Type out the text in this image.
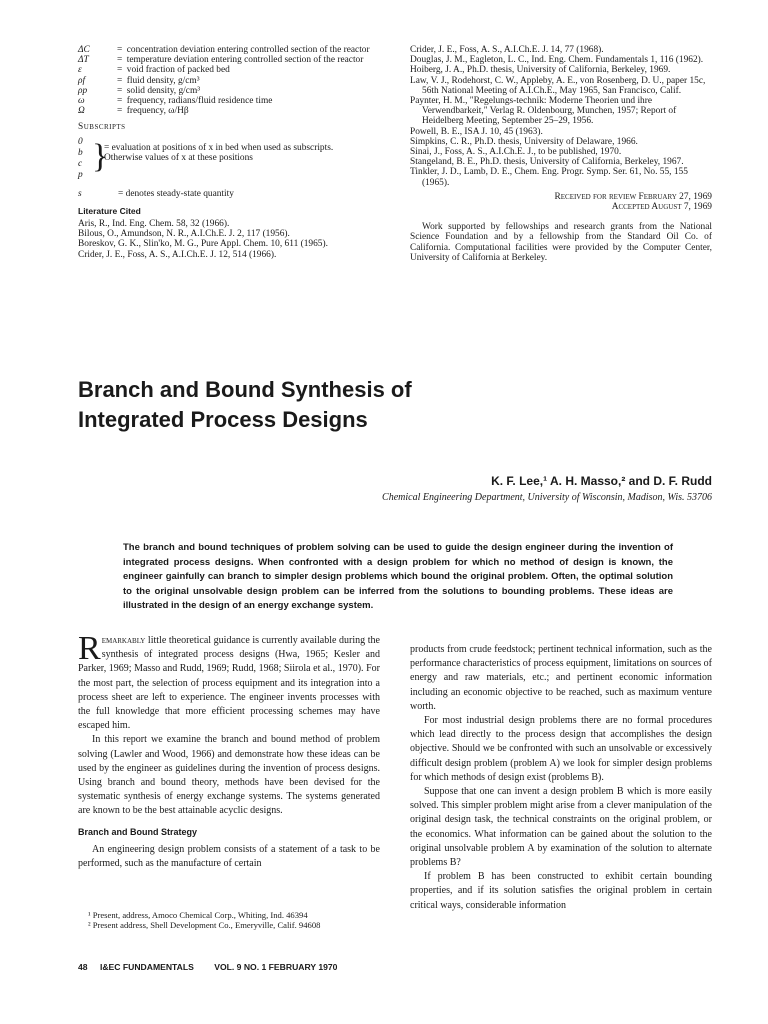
ΔC	= concentration deviation entering controlled section of the reactor
ΔT	= temperature deviation entering controlled section of the reactor
ε	= void fraction of packed bed
ρf	= fluid density, g/cm³
ρp	= solid density, g/cm³
ω	= frequency, radians/fluid residence time
Ω	= frequency, ω/Hβ
Subscripts
0
b
c
p }
= evaluation at positions of x in bed when used as subscripts. Otherwise values of x at these positions
s	= denotes steady-state quantity
Literature Cited

Aris, R., Ind. Eng. Chem. 58, 32 (1966).

Bilous, O., Amundson, N. R., A.I.Ch.E. J. 2, 117 (1956).

Boreskov, G. K., Slin'ko, M. G., Pure Appl. Chem. 10, 611 (1965).

Crider, J. E., Foss, A. S., A.I.Ch.E. J. 12, 514 (1966).

Crider, J. E., Foss, A. S., A.I.Ch.E. J. 14, 77 (1968).

Douglas, J. M., Eagleton, L. C., Ind. Eng. Chem. Fundamentals 1, 116 (1962).

Hoiberg, J. A., Ph.D. thesis, University of California, Berkeley, 1969.

Law, V. J., Rodehorst, C. W., Appleby, A. E., von Rosenberg, D. U., paper 15c, 56th National Meeting of A.I.Ch.E., May 1965, San Francisco, Calif.

Paynter, H. M., "Regelungs-technik: Moderne Theorien und ihre Verwendbarkeit," Verlag R. Oldenbourg, Munchen, 1957; Report of Heidelberg Meeting, September 25–29, 1956.

Powell, B. E., ISA J. 10, 45 (1963).

Simpkins, C. R., Ph.D. thesis, University of Delaware, 1966.

Sinai, J., Foss, A. S., A.I.Ch.E. J., to be published, 1970.

Stangeland, B. E., Ph.D. thesis, University of California, Berkeley, 1967.

Tinkler, J. D., Lamb, D. E., Chem. Eng. Progr. Symp. Ser. 61, No. 55, 155 (1965).

Received for review February 27, 1969
Accepted August 7, 1969
Work supported by fellowships and research grants from the National Science Foundation and by a fellowship from the Standard Oil Co. of California. Computational facilities were provided by the Computer Center, University of California at Berkeley.
Branch and Bound Synthesis of
Integrated Process Designs
K. F. Lee,¹ A. H. Masso,² and D. F. Rudd
Chemical Engineering Department, University of Wisconsin, Madison, Wis. 53706
The branch and bound techniques of problem solving can be used to guide the design engineer during the invention of integrated process designs. When confronted with a design problem for which no method of design is known, the engineer gainfully can branch to simpler design problems which bound the original problem. Often, the optimal solution to the original unsolvable design problem can be inferred from the solutions to bounding problems. These ideas are illustrated in the design of an energy exchange system.

Remarkably little theoretical guidance is currently available during the synthesis of integrated process designs (Hwa, 1965; Kesler and Parker, 1969; Masso and Rudd, 1969; Rudd, 1968; Siirola et al., 1970). For the most part, the selection of process equipment and its integration into a process sheet are left to experience. The engineer invents processes with the full knowledge that more efficient processing schemes may have escaped him.

In this report we examine the branch and bound method of problem solving (Lawler and Wood, 1966) and demonstrate how these ideas can be used by the engineer as guidelines during the invention of process designs. Using branch and bound theory, methods have been devised for the systematic synthesis of energy exchange systems. The systems generated are known to be the best attainable acyclic designs.

Branch and Bound Strategy

An engineering design problem consists of a statement of a task to be performed, such as the manufacture of certain

¹ Present, address, Amoco Chemical Corp., Whiting, Ind. 46394
² Present address, Shell Development Co., Emeryville, Calif. 94608

products from crude feedstock; pertinent technical information, such as the performance characteristics of process equipment, limitations on sources of energy and raw materials, etc.; and pertinent economic information including an economic objective to be reached, such as maximum venture worth.

For most industrial design problems there are no formal procedures which lead directly to the process design that accomplishes the design objective. Should we be confronted with such an unsolvable or excessively difficult design problem (problem A) we look for simpler design problems for which methods of design exist (problems B).

Suppose that one can invent a design problem B which is more easily solved. This simpler problem might arise from a clever manipulation of the original design task, the technical constraints on the original problem, or the economics. What information can be gained about the solution to the original unsolvable problem A by examination of the solution to alternate problems B?

If problem B has been constructed to exhibit certain bounding properties, and if its solution satisfies the original problem in certain critical ways, considerable information

48 I&EC FUNDAMENTALS VOL. 9 NO. 1 FEBRUARY 1970
